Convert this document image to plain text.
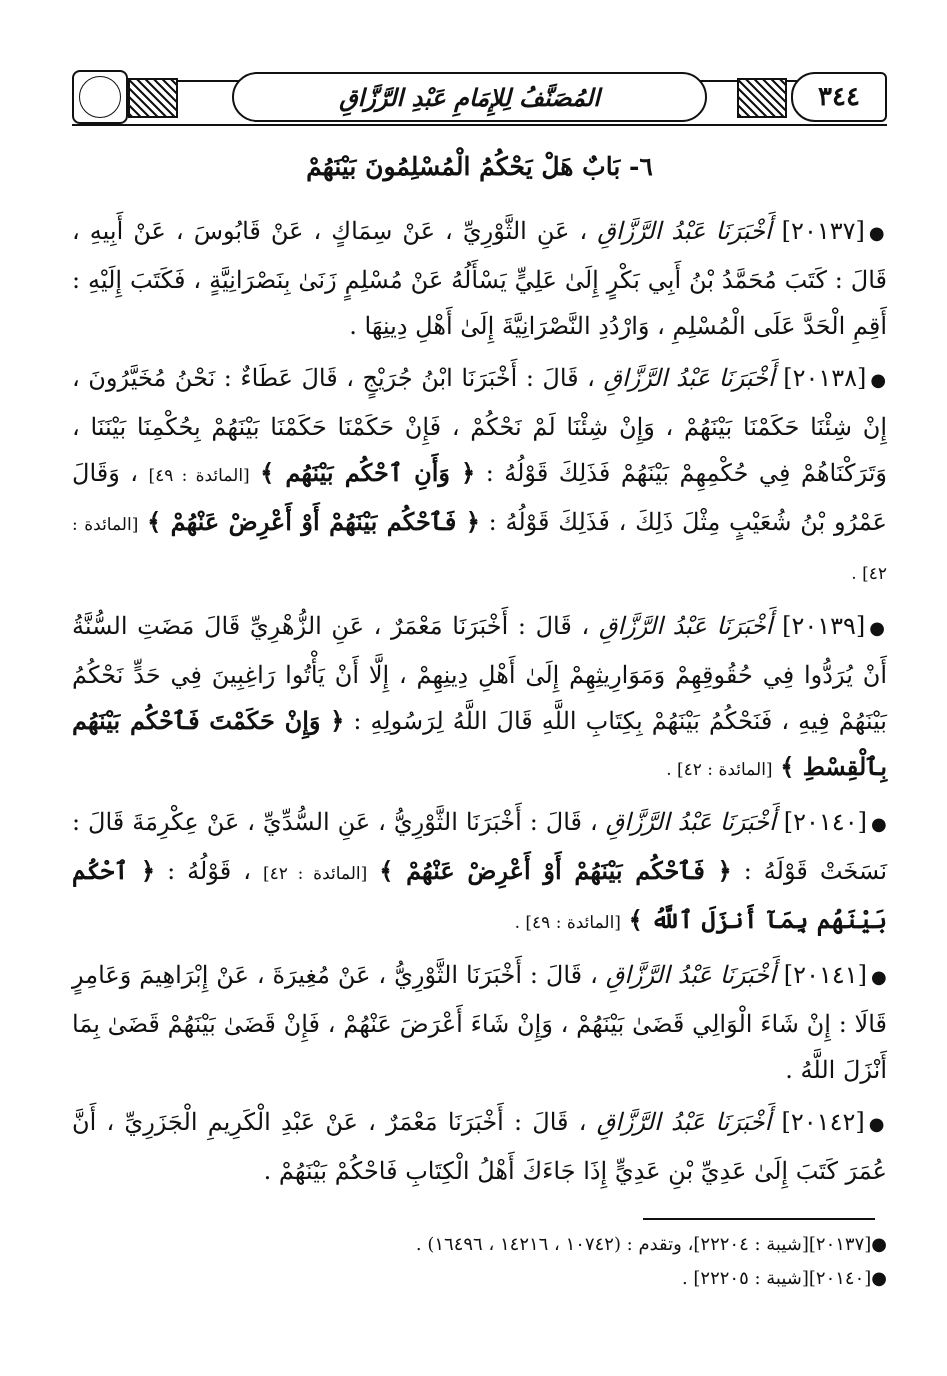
المُصَنَّفُ لِلإِمَامِ عَبْدِ الرَّزَّاقِ	٣٤٤
٦- بَابٌ هَلْ يَحْكُمُ الْمُسْلِمُونَ بَيْنَهُمْ

●[٢٠١٣٧] أَخْبَرَنَا عَبْدُ الرَّزَّاقِ ، عَنِ الثَّوْرِيِّ ، عَنْ سِمَاكٍ ، عَنْ قَابُوسَ ، عَنْ أَبِيهِ ، قَالَ : كَتَبَ مُحَمَّدُ بْنُ أَبِي بَكْرٍ إِلَىٰ عَلِيٍّ يَسْأَلُهُ عَنْ مُسْلِمٍ زَنَىٰ بِنَصْرَانِيَّةٍ ، فَكَتَبَ إِلَيْهِ : أَقِمِ الْحَدَّ عَلَى الْمُسْلِمِ ، وَارْدُدِ النَّصْرَانِيَّةَ إِلَىٰ أَهْلِ دِينِهَا .

●[٢٠١٣٨] أَخْبَرَنَا عَبْدُ الرَّزَّاقِ ، قَالَ : أَخْبَرَنَا ابْنُ جُرَيْجٍ ، قَالَ عَطَاءٌ : نَحْنُ مُخَيَّرُونَ ، إِنْ شِئْنَا حَكَمْنَا بَيْنَهُمْ ، وَإِنْ شِئْنَا لَمْ نَحْكُمْ ، فَإِنْ حَكَمْنَا حَكَمْنَا بَيْنَهُمْ بِحُكْمِنَا بَيْنَنَا ، وَتَرَكْنَاهُمْ فِي حُكْمِهِمْ بَيْنَهُمْ فَذَلِكَ قَوْلُهُ : ﴿ وَأَنِ ٱحْكُم بَيْنَهُم ﴾ [المائدة : ٤٩] ، وَقَالَ عَمْرُو بْنُ شُعَيْبٍ مِثْلَ ذَلِكَ ، فَذَلِكَ قَوْلُهُ : ﴿ فَٱحْكُم بَيْنَهُمْ أَوْ أَعْرِضْ عَنْهُمْ ﴾ [المائدة : ٤٢] .

●[٢٠١٣٩] أَخْبَرَنَا عَبْدُ الرَّزَّاقِ ، قَالَ : أَخْبَرَنَا مَعْمَرٌ ، عَنِ الزُّهْرِيِّ قَالَ مَضَتِ السُّنَّةُ أَنْ يُرَدُّوا فِي حُقُوقِهِمْ وَمَوَارِيثِهِمْ إِلَىٰ أَهْلِ دِينِهِمْ ، إِلَّا أَنْ يَأْتُوا رَاغِبِينَ فِي حَدٍّ نَحْكُمُ بَيْنَهُمْ فِيهِ ، فَنَحْكُمُ بَيْنَهُمْ بِكِتَابِ اللَّهِ قَالَ اللَّهُ لِرَسُولِهِ : ﴿ وَإِنْ حَكَمْتَ فَٱحْكُم بَيْنَهُم بِٱلْقِسْطِ ﴾ [المائدة : ٤٢] .

●[٢٠١٤٠] أَخْبَرَنَا عَبْدُ الرَّزَّاقِ ، قَالَ : أَخْبَرَنَا الثَّوْرِيُّ ، عَنِ السُّدِّيِّ ، عَنْ عِكْرِمَةَ قَالَ : نَسَخَتْ قَوْلَهُ : ﴿ فَٱحْكُم بَيْنَهُمْ أَوْ أَعْرِضْ عَنْهُمْ ﴾ [المائدة : ٤٢] ، قَوْلُهُ : ﴿ ٱحْكُم بَيْنَهُم بِمَآ أَنزَلَ ٱللَّهُ ﴾ [المائدة : ٤٩] .

●[٢٠١٤١] أَخْبَرَنَا عَبْدُ الرَّزَّاقِ ، قَالَ : أَخْبَرَنَا الثَّوْرِيُّ ، عَنْ مُغِيرَةَ ، عَنْ إِبْرَاهِيمَ وَعَامِرٍ قَالَا : إِنْ شَاءَ الْوَالِي قَضَىٰ بَيْنَهُمْ ، وَإِنْ شَاءَ أَعْرَضَ عَنْهُمْ ، فَإِنْ قَضَىٰ بَيْنَهُمْ قَضَىٰ بِمَا أَنْزَلَ اللَّهُ .

●[٢٠١٤٢] أَخْبَرَنَا عَبْدُ الرَّزَّاقِ ، قَالَ : أَخْبَرَنَا مَعْمَرٌ ، عَنْ عَبْدِ الْكَرِيمِ الْجَزَرِيِّ ، أَنَّ عُمَرَ كَتَبَ إِلَىٰ عَدِيِّ بْنِ عَدِيٍّ إِذَا جَاءَكَ أَهْلُ الْكِتَابِ فَاحْكُمْ بَيْنَهُمْ .

●[٢٠١٣٧][شيبة : ٢٢٢٠٤]، وتقدم : (١٠٧٤٢ ، ١٤٢١٦ ، ١٦٤٩٦) .

●[٢٠١٤٠][شيبة : ٢٢٢٠٥] .
